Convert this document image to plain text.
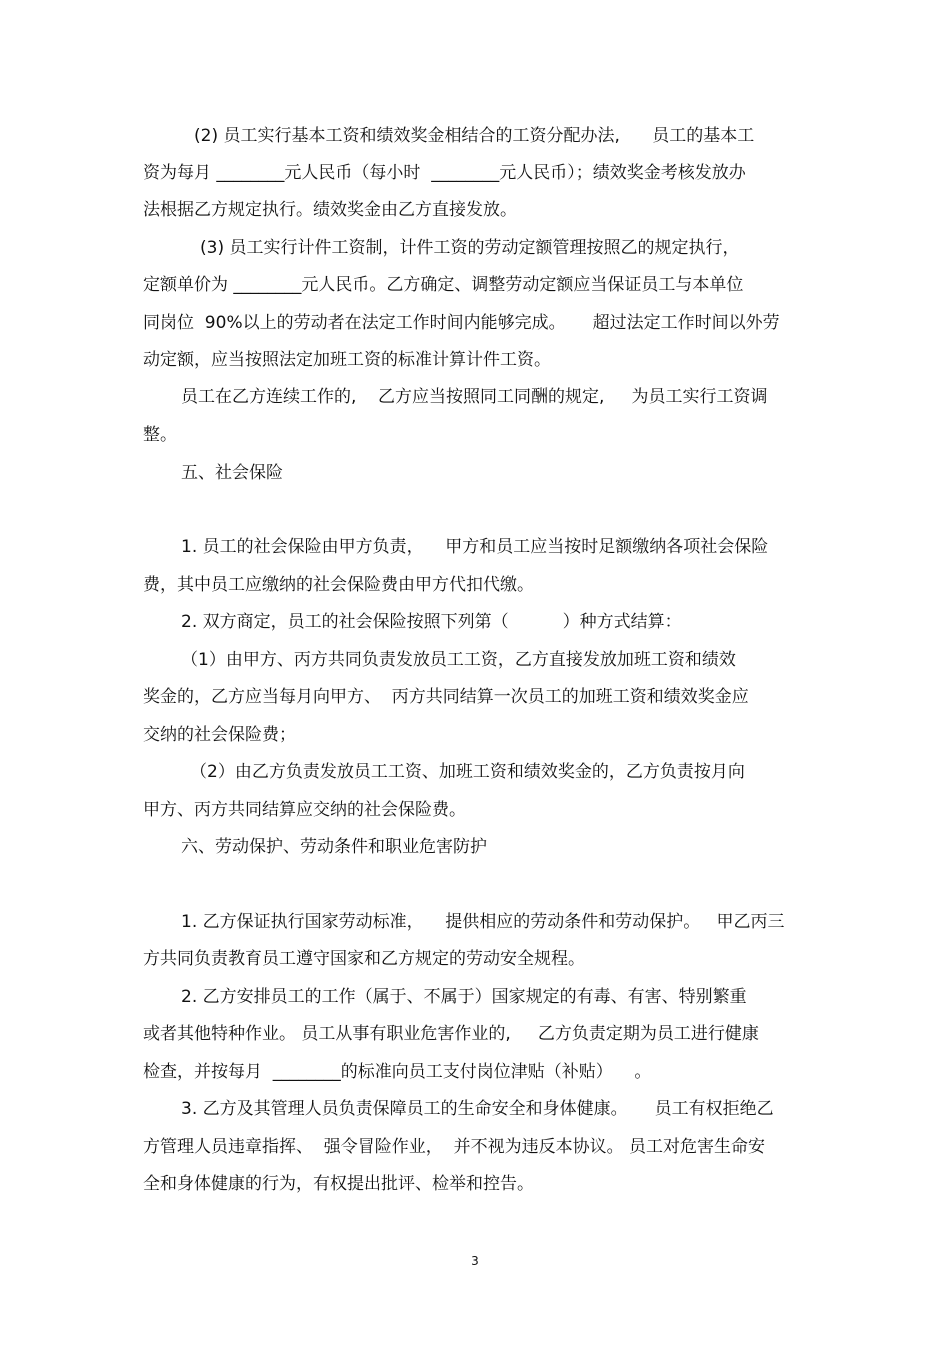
(2) 员工实行基本工资和绩效奖金相结合的工资分配办法,      员工的基本工
资为每月 ________元人民币（每小时  ________元人民币）；绩效奖金考核发放办
法根据乙方规定执行。绩效奖金由乙方直接发放。
(3) 员工实行计件工资制，计件工资的劳动定额管理按照乙的规定执行，
定额单价为 ________元人民币。乙方确定、调整劳动定额应当保证员工与本单位
同岗位  90%以上的劳动者在法定工作时间内能够完成。     超过法定工作时间以外劳
动定额，应当按照法定加班工资的标准计算计件工资。
员工在乙方连续工作的,    乙方应当按照同工同酬的规定,     为员工实行工资调
整。
五、社会保险
1. 员工的社会保险由甲方负责，    甲方和员工应当按时足额缴纳各项社会保险
费，其中员工应缴纳的社会保险费由甲方代扣代缴。
2. 双方商定，员工的社会保险按照下列第（          ）种方式结算：
（1）由甲方、丙方共同负责发放员工工资，乙方直接发放加班工资和绩效
奖金的，乙方应当每月向甲方、  丙方共同结算一次员工的加班工资和绩效奖金应
交纳的社会保险费；
（2）由乙方负责发放员工工资、加班工资和绩效奖金的，乙方负责按月向
甲方、丙方共同结算应交纳的社会保险费。
六、劳动保护、劳动条件和职业危害防护
1. 乙方保证执行国家劳动标准，    提供相应的劳动条件和劳动保护。   甲乙丙三
方共同负责教育员工遵守国家和乙方规定的劳动安全规程。
2. 乙方安排员工的工作（属于、不属于）国家规定的有毒、有害、特别繁重
或者其他特种作业。 员工从事有职业危害作业的,     乙方负责定期为员工进行健康
检查，并按每月  ________的标准向员工支付岗位津贴（补贴）    。
3. 乙方及其管理人员负责保障员工的生命安全和身体健康。     员工有权拒绝乙
方管理人员违章指挥、  强令冒险作业，  并不视为违反本协议。 员工对危害生命安
全和身体健康的行为，有权提出批评、检举和控告。
3
